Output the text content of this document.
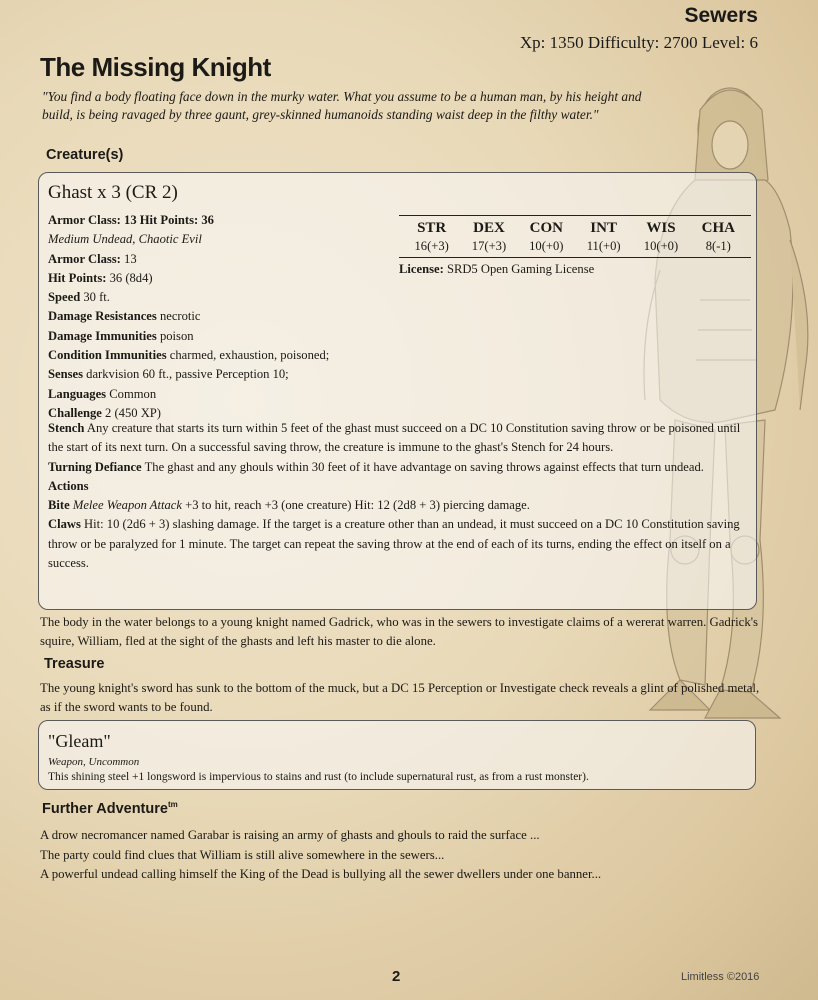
Sewers
Xp: 1350 Difficulty: 2700 Level: 6
The Missing Knight
"You find a body floating face down in the murky water. What you assume to be a human man, by his height and build, is being ravaged by three gaunt, grey-skinned humanoids standing waist deep in the filthy water."
Creature(s)
Ghast x 3 (CR 2)
Armor Class: 13 Hit Points: 36
Medium Undead, Chaotic Evil
Armor Class: 13
Hit Points: 36 (8d4)
Speed 30 ft.
Damage Resistances necrotic
Damage Immunities poison
Condition Immunities charmed, exhaustion, poisoned;
Senses darkvision 60 ft., passive Perception 10;
Languages Common
Challenge 2 (450 XP)
STR
16(+3)
DEX
17(+3)
CON
10(+0)
INT
11(+0)
WIS
10(+0)
CHA
8(-1)
License: SRD5 Open Gaming License

Stench Any creature that starts its turn within 5 feet of the ghast must succeed on a DC 10 Constitution saving throw or be poisoned until the start of its next turn. On a successful saving throw, the creature is immune to the ghast's Stench for 24 hours.

Turning Defiance The ghast and any ghouls within 30 feet of it have advantage on saving throws against effects that turn undead.

Actions

Bite Melee Weapon Attack +3 to hit, reach +3 (one creature) Hit: 12 (2d8 + 3) piercing damage.

Claws Hit: 10 (2d6 + 3) slashing damage. If the target is a creature other than an undead, it must succeed on a DC 10 Constitution saving throw or be paralyzed for 1 minute. The target can repeat the saving throw at the end of each of its turns, ending the effect on itself on a success.

The body in the water belongs to a young knight named Gadrick, who was in the sewers to investigate claims of a wererat warren. Gadrick's squire, William, fled at the sight of the ghasts and left his master to die alone.
Treasure
The young knight's sword has sunk to the bottom of the muck, but a DC 15 Perception or Investigate check reveals a glint of polished metal, as if the sword wants to be found.
"Gleam"
Weapon, Uncommon
This shining steel +1 longsword is impervious to stains and rust (to include supernatural rust, as from a rust monster).
Further Adventure$^{tm}$
A drow necromancer named Garabar is raising an army of ghasts and ghouls to raid the surface ...
The party could find clues that William is still alive somewhere in the sewers...
A powerful undead calling himself the King of the Dead is bullying all the sewer dwellers under one banner...
2	Limitless ©2016
